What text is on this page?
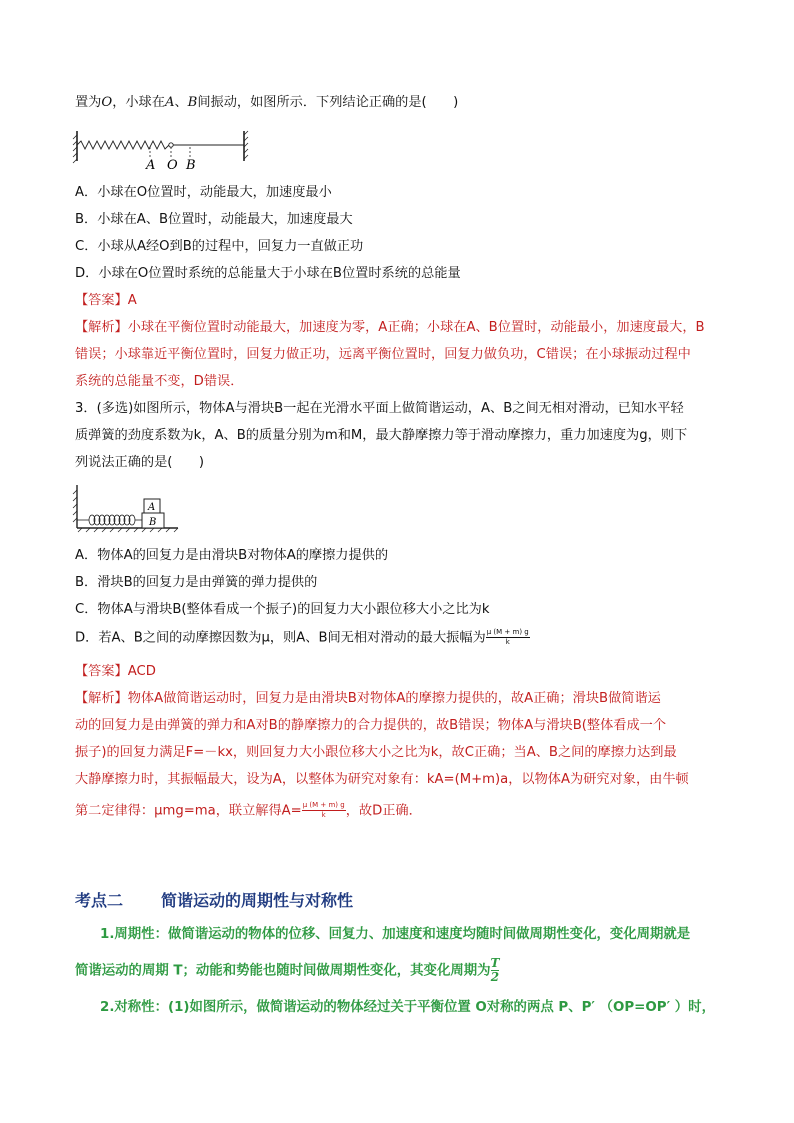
置为O，小球在A、B间振动，如图所示．下列结论正确的是(　　)
A O B
A．小球在O位置时，动能最大，加速度最小
B．小球在A、B位置时，动能最大，加速度最大
C．小球从A经O到B的过程中，回复力一直做正功
D．小球在O位置时系统的总能量大于小球在B位置时系统的总能量
【答案】A
【解析】小球在平衡位置时动能最大，加速度为零，A正确；小球在A、B位置时，动能最小，加速度最大，B
错误；小球靠近平衡位置时，回复力做正功，远离平衡位置时，回复力做负功，C错误；在小球振动过程中
系统的总能量不变，D错误．
3．(多选)如图所示，物体A与滑块B一起在光滑水平面上做简谐运动，A、B之间无相对滑动，已知水平轻
质弹簧的劲度系数为k，A、B的质量分别为m和M，最大静摩擦力等于滑动摩擦力，重力加速度为g，则下
列说法正确的是(　　)
A
B
A．物体A的回复力是由滑块B对物体A的摩擦力提供的
B．滑块B的回复力是由弹簧的弹力提供的
C．物体A与滑块B(整体看成一个振子)的回复力大小跟位移大小之比为k
D．若A、B之间的动摩擦因数为μ，则A、B间无相对滑动的最大振幅为 $\frac{\mu (M + m) g}{k}$
【答案】ACD
【解析】物体A做简谐运动时，回复力是由滑块B对物体A的摩擦力提供的，故A正确；滑块B做简谐运
动的回复力是由弹簧的弹力和A对B的静摩擦力的合力提供的，故B错误；物体A与滑块B(整体看成一个
振子)的回复力满足F=－kx，则回复力大小跟位移大小之比为k，故C正确；当A、B之间的摩擦力达到最
大静摩擦力时，其振幅最大，设为A，以整体为研究对象有：kA=(M+m)a，以物体A为研究对象，由牛顿
第二定律得：μmg=ma，联立解得$A= \frac{\mu (M + m) g}{k}$ ，故D正确．
考点二 简谐运动的周期性与对称性
1.周期性：做简谐运动的物体的位移、回复力、加速度和速度均随时间做周期性变化，变化周期就是
简谐运动的周期 T；动能和势能也随时间做周期性变化，其变化周期为 $\frac{T}{2}$
2.对称性：(1)如图所示，做简谐运动的物体经过关于平衡位置 O对称的两点 P、P′ （OP=OP′ ）时，
